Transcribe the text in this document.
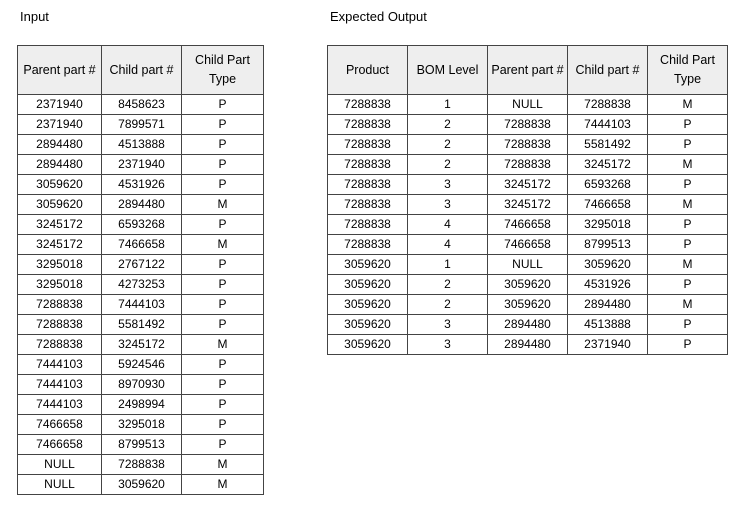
Input	Expected Output
Parent part #	Child part #	Child Part Type
2371940	8458623	P
2371940	7899571	P
2894480	4513888	P
2894480	2371940	P
3059620	4531926	P
3059620	2894480	M
3245172	6593268	P
3245172	7466658	M
3295018	2767122	P
3295018	4273253	P
7288838	7444103	P
7288838	5581492	P
7288838	3245172	M
7444103	5924546	P
7444103	8970930	P
7444103	2498994	P
7466658	3295018	P
7466658	8799513	P
NULL	7288838	M
NULL	3059620	M
Product	BOM Level	Parent part #	Child part #	Child Part Type
7288838	1	NULL	7288838	M
7288838	2	7288838	7444103	P
7288838	2	7288838	5581492	P
7288838	2	7288838	3245172	M
7288838	3	3245172	6593268	P
7288838	3	3245172	7466658	M
7288838	4	7466658	3295018	P
7288838	4	7466658	8799513	P
3059620	1	NULL	3059620	M
3059620	2	3059620	4531926	P
3059620	2	3059620	2894480	M
3059620	3	2894480	4513888	P
3059620	3	2894480	2371940	P
